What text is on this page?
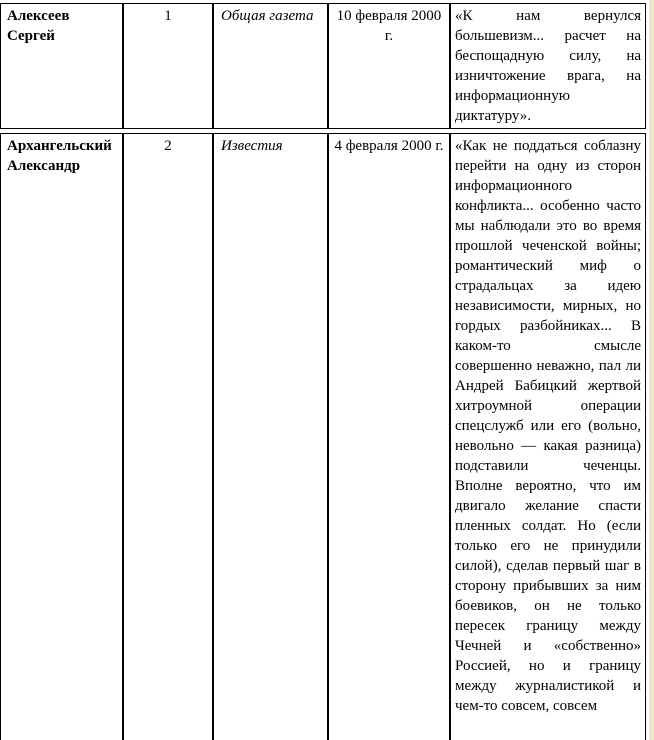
Алексеев Сергей	1	Общая газета	10 февраля 2000 г.	«К нам вернулся большевизм... расчет на беспощадную силу, на изничтожение врага, на информационную диктатуру».
Архангельский Александр	2	Известия	4 февраля 2000 г.	«Как не поддаться соблазну перейти на одну из сторон информационного конфликта... особенно часто мы наблюдали это во время прошлой чеченской войны; романтический миф о страдальцах за идею независимости, мирных, но гордых разбойниках... В каком-то смысле совершенно неважно, пал ли Андрей Бабицкий жертвой хитроумной операции спецслужб или его (вольно, невольно — какая разница) подставили чеченцы. Вполне вероятно, что им двигало желание спасти пленных солдат. Но (если только его не принудили силой), сделав первый шаг в сторону прибывших за ним боевиков, он не только пересек границу между Чечней и «собственно» Россией, но и границу между журналистикой и чем-то совсем, совсем
